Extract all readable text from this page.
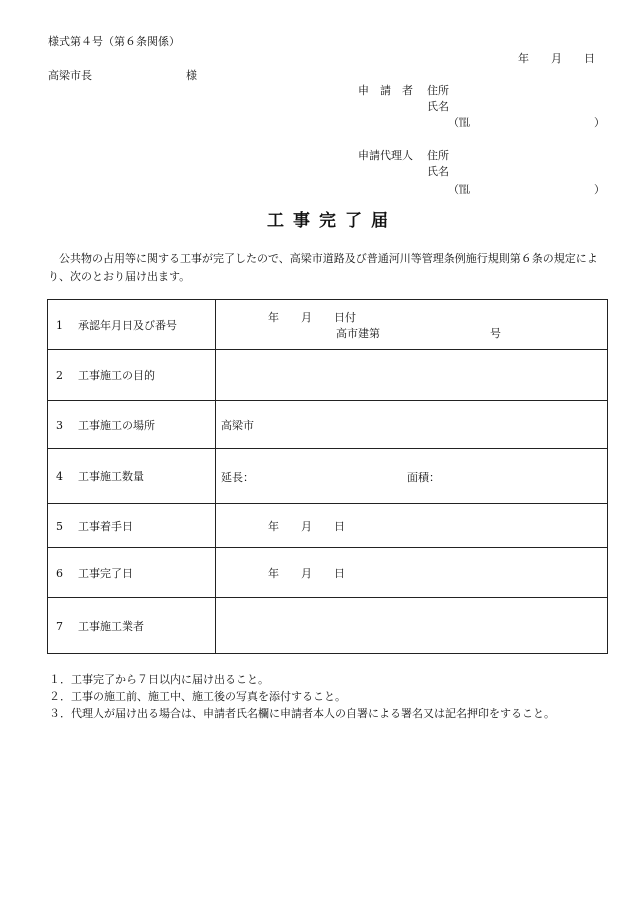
様式第４号（第６条関係）
年　　月　　日
高梁市長	様
申　請　者 住所
氏名
（℡	）
申請代理人 住所
氏名
（℡	）
工事完了届
　公共物の占用等に関する工事が完了したので、高梁市道路及び普通河川等管理条例施行規則第６条の規定により、次のとおり届け出ます。
1 承認年月日及び番号	年　　月　　日付
高市建第　　　　　　　　　　号

2 工事施工の目的	
3 工事施工の場所	高梁市
4 工事施工数量	延長： 面積：

5 工事着手日	年　　月　　日
6 工事完了日	年　　月　　日
7 工事施工業者	
１．工事完了から７日以内に届け出ること。
２．工事の施工前、施工中、施工後の写真を添付すること。
３．代理人が届け出る場合は、申請者氏名欄に申請者本人の自署による署名又は記名押印をすること。
